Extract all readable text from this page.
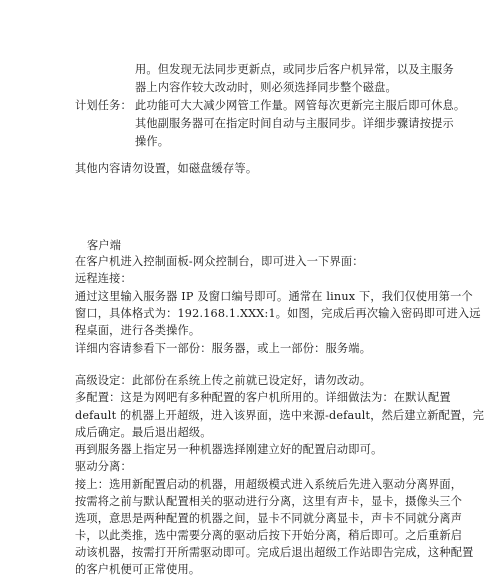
用。但发现无法同步更新点，或同步后客户机异常，以及主服务
器上内容作较大改动时，则必须选择同步整个磁盘。
计划任务： 此功能可大大减少网管工作量。网管每次更新完主服后即可休息。
其他副服务器可在指定时间自动与主服同步。详细步骤请按提示
操作。
其他内容请勿设置，如磁盘缓存等。
客户端
在客户机进入控制面板-网众控制台，即可进入一下界面：
远程连接：
通过这里输入服务器 IP 及窗口编号即可。通常在 linux 下，我们仅使用第一个
窗口，具体格式为：192.168.1.XXX:1。如图，完成后再次输入密码即可进入远
程桌面，进行各类操作。
详细内容请参看下一部份：服务器，或上一部份：服务端。
高级设定：此部份在系统上传之前就已设定好，请勿改动。
多配置：这是为网吧有多种配置的客户机所用的。详细做法为：在默认配置
default 的机器上开超级，进入该界面，选中来源-default，然后建立新配置，完
成后确定。最后退出超级。
再到服务器上指定另一种机器选择刚建立好的配置启动即可。
驱动分离：
接上：选用新配置启动的机器，用超级模式进入系统后先进入驱动分离界面，
按需将之前与默认配置相关的驱动进行分离，这里有声卡，显卡，摄像头三个
选项，意思是两种配置的机器之间，显卡不同就分离显卡，声卡不同就分离声
卡，以此类推，选中需要分离的驱动后按下开始分离，稍后即可。之后重新启
动该机器，按需打开所需驱动即可。完成后退出超级工作站即告完成，这种配置
的客户机便可正常使用。
